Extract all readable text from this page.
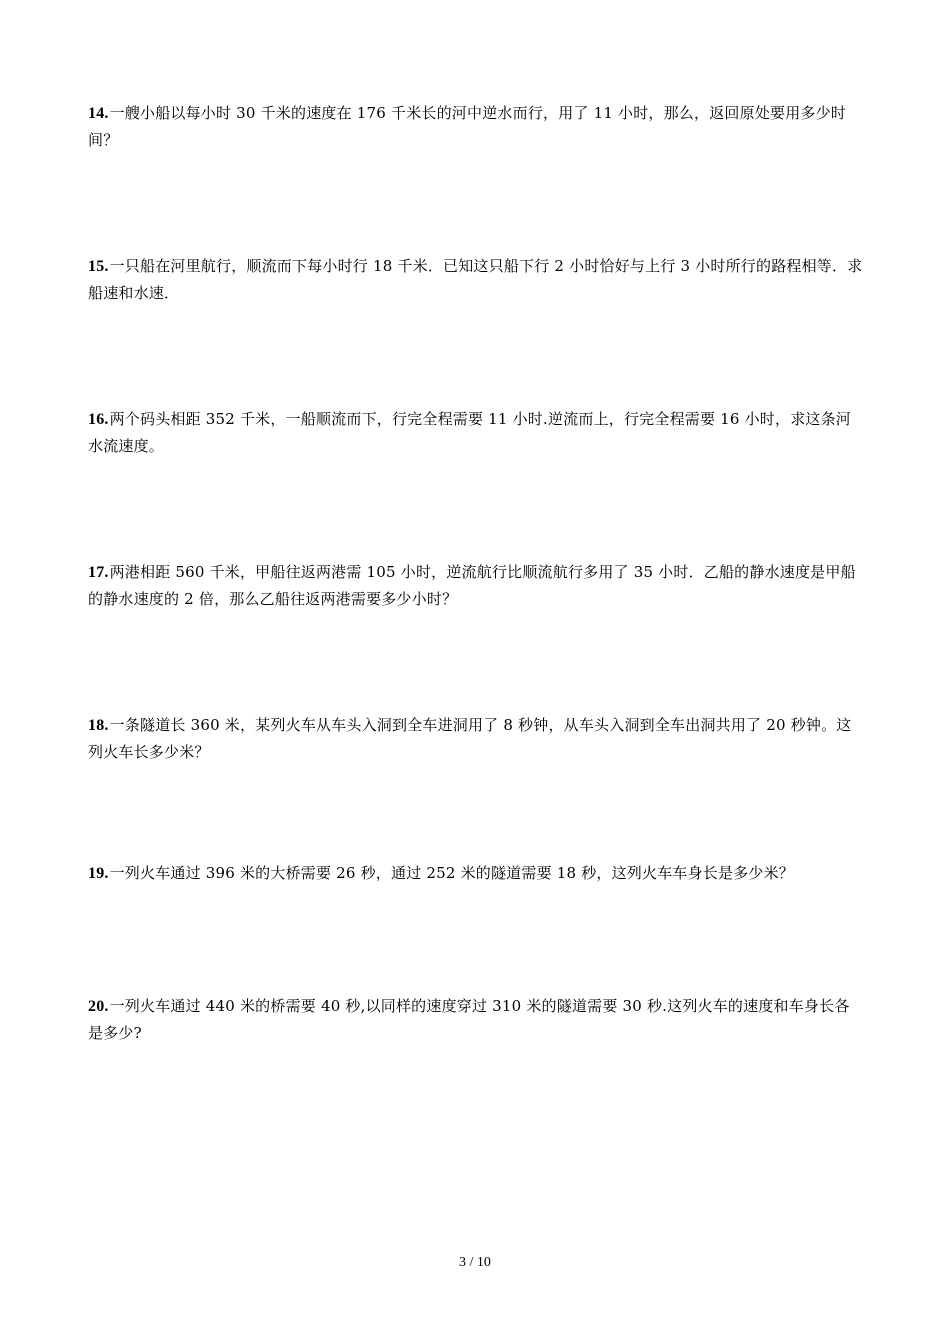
14.一艘小船以每小时 30 千米的速度在 176 千米长的河中逆水而行，用了 11 小时，那么，返回原处要用多少时间？
15.一只船在河里航行，顺流而下每小时行 18 千米．已知这只船下行 2 小时恰好与上行 3 小时所行的路程相等．求船速和水速．
16.两个码头相距 352 千米，一船顺流而下，行完全程需要 11 小时.逆流而上，行完全程需要 16 小时，求这条河水流速度。
17.两港相距 560 千米，甲船往返两港需 105 小时，逆流航行比顺流航行多用了 35 小时．乙船的静水速度是甲船的静水速度的 2 倍，那么乙船往返两港需要多少小时？
18.一条隧道长 360 米，某列火车从车头入洞到全车进洞用了 8 秒钟，从车头入洞到全车出洞共用了 20 秒钟。这列火车长多少米？
19.一列火车通过 396 米的大桥需要 26 秒，通过 252 米的隧道需要 18 秒，这列火车车身长是多少米？
20.一列火车通过 440 米的桥需要 40 秒,以同样的速度穿过 310 米的隧道需要 30 秒.这列火车的速度和车身长各是多少?
3 / 10
